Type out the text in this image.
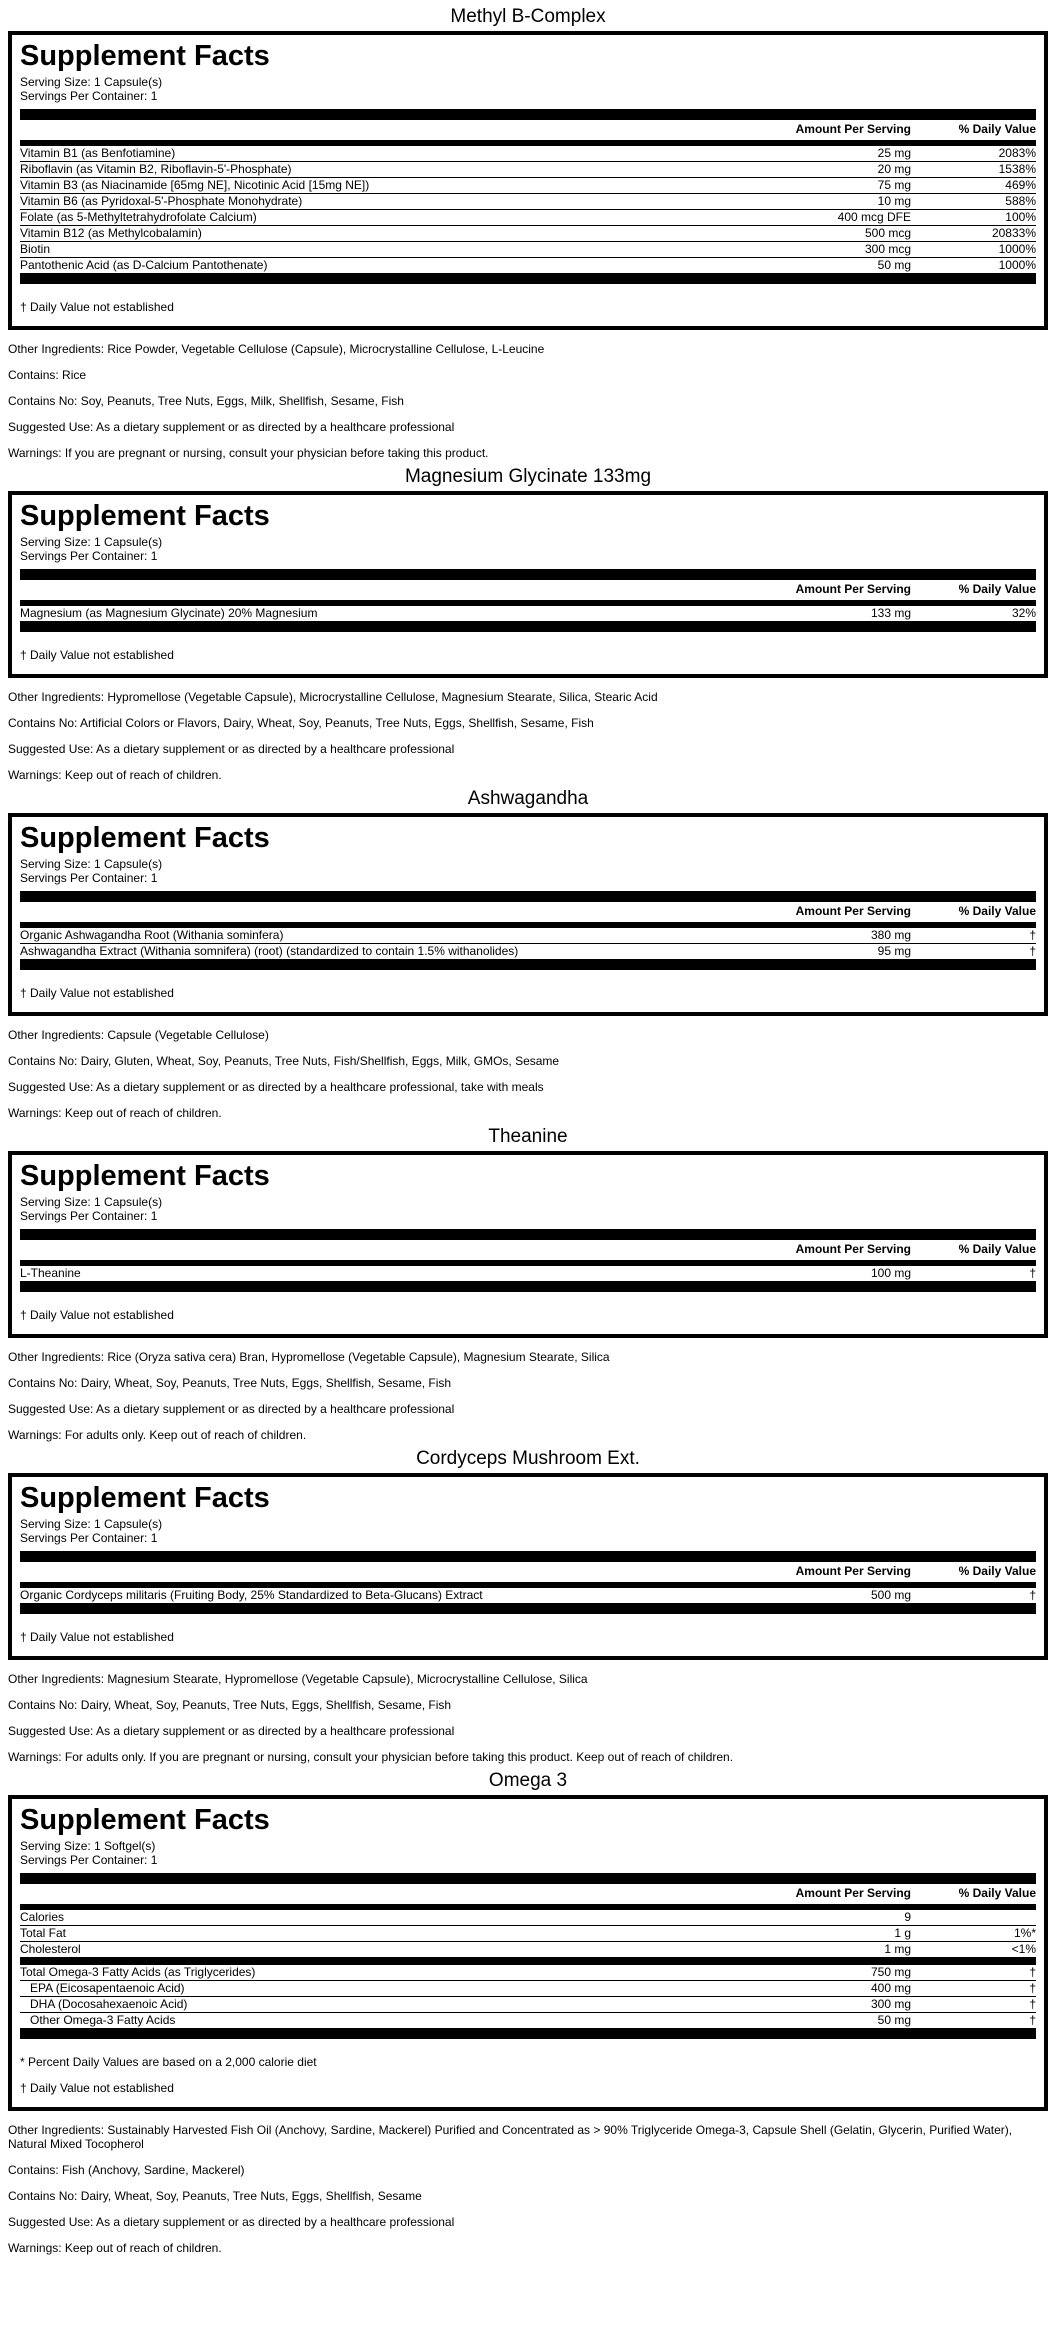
Methyl B-Complex
Supplement Facts
Serving Size: 1 Capsule(s)
Servings Per Container: 1
Amount Per Serving	% Daily Value
Vitamin B1 (as Benfotiamine)	25 mg	2083%
Riboflavin (as Vitamin B2, Riboflavin-5'-Phosphate)	20 mg	1538%
Vitamin B3 (as Niacinamide [65mg NE], Nicotinic Acid [15mg NE])	75 mg	469%
Vitamin B6 (as Pyridoxal-5'-Phosphate Monohydrate)	10 mg	588%
Folate (as 5-Methyltetrahydrofolate Calcium)	400 mcg DFE	100%
Vitamin B12 (as Methylcobalamin)	500 mcg	20833%
Biotin	300 mcg	1000%
Pantothenic Acid (as D-Calcium Pantothenate)	50 mg	1000%
† Daily Value not established

Other Ingredients: Rice Powder, Vegetable Cellulose (Capsule), Microcrystalline Cellulose, L-Leucine

Contains: Rice

Contains No: Soy, Peanuts, Tree Nuts, Eggs, Milk, Shellfish, Sesame, Fish

Suggested Use: As a dietary supplement or as directed by a healthcare professional

Warnings: If you are pregnant or nursing, consult your physician before taking this product.

Magnesium Glycinate 133mg
Supplement Facts
Serving Size: 1 Capsule(s)
Servings Per Container: 1
Amount Per Serving	% Daily Value
Magnesium (as Magnesium Glycinate) 20% Magnesium	133 mg	32%
† Daily Value not established

Other Ingredients: Hypromellose (Vegetable Capsule), Microcrystalline Cellulose, Magnesium Stearate, Silica, Stearic Acid

Contains No: Artificial Colors or Flavors, Dairy, Wheat, Soy, Peanuts, Tree Nuts, Eggs, Shellfish, Sesame, Fish

Suggested Use: As a dietary supplement or as directed by a healthcare professional

Warnings: Keep out of reach of children.

Ashwagandha
Supplement Facts
Serving Size: 1 Capsule(s)
Servings Per Container: 1
Amount Per Serving	% Daily Value
Organic Ashwagandha Root (Withania sominfera)	380 mg	†
Ashwagandha Extract (Withania somnifera) (root) (standardized to contain 1.5% withanolides)	95 mg	†
† Daily Value not established

Other Ingredients: Capsule (Vegetable Cellulose)

Contains No: Dairy, Gluten, Wheat, Soy, Peanuts, Tree Nuts, Fish/Shellfish, Eggs, Milk, GMOs, Sesame

Suggested Use: As a dietary supplement or as directed by a healthcare professional, take with meals

Warnings: Keep out of reach of children.

Theanine
Supplement Facts
Serving Size: 1 Capsule(s)
Servings Per Container: 1
Amount Per Serving	% Daily Value
L-Theanine	100 mg	†
† Daily Value not established

Other Ingredients: Rice (Oryza sativa cera) Bran, Hypromellose (Vegetable Capsule), Magnesium Stearate, Silica

Contains No: Dairy, Wheat, Soy, Peanuts, Tree Nuts, Eggs, Shellfish, Sesame, Fish

Suggested Use: As a dietary supplement or as directed by a healthcare professional

Warnings: For adults only. Keep out of reach of children.

Cordyceps Mushroom Ext.
Supplement Facts
Serving Size: 1 Capsule(s)
Servings Per Container: 1
Amount Per Serving	% Daily Value
Organic Cordyceps militaris (Fruiting Body, 25% Standardized to Beta-Glucans) Extract	500 mg	†
† Daily Value not established

Other Ingredients: Magnesium Stearate, Hypromellose (Vegetable Capsule), Microcrystalline Cellulose, Silica

Contains No: Dairy, Wheat, Soy, Peanuts, Tree Nuts, Eggs, Shellfish, Sesame, Fish

Suggested Use: As a dietary supplement or as directed by a healthcare professional

Warnings: For adults only. If you are pregnant or nursing, consult your physician before taking this product. Keep out of reach of children.

Omega 3
Supplement Facts
Serving Size: 1 Softgel(s)
Servings Per Container: 1
Amount Per Serving	% Daily Value
Calories	9
Total Fat	1 g	1%*
Cholesterol	1 mg	<1%
Total Omega-3 Fatty Acids (as Triglycerides)	750 mg	†
EPA (Eicosapentaenoic Acid)	400 mg	†
DHA (Docosahexaenoic Acid)	300 mg	†
Other Omega-3 Fatty Acids	50 mg	†
* Percent Daily Values are based on a 2,000 calorie diet
† Daily Value not established

Other Ingredients: Sustainably Harvested Fish Oil (Anchovy, Sardine, Mackerel) Purified and Concentrated as > 90% Triglyceride Omega-3, Capsule Shell (Gelatin, Glycerin, Purified Water), Natural Mixed Tocopherol

Contains: Fish (Anchovy, Sardine, Mackerel)

Contains No: Dairy, Wheat, Soy, Peanuts, Tree Nuts, Eggs, Shellfish, Sesame

Suggested Use: As a dietary supplement or as directed by a healthcare professional

Warnings: Keep out of reach of children.
